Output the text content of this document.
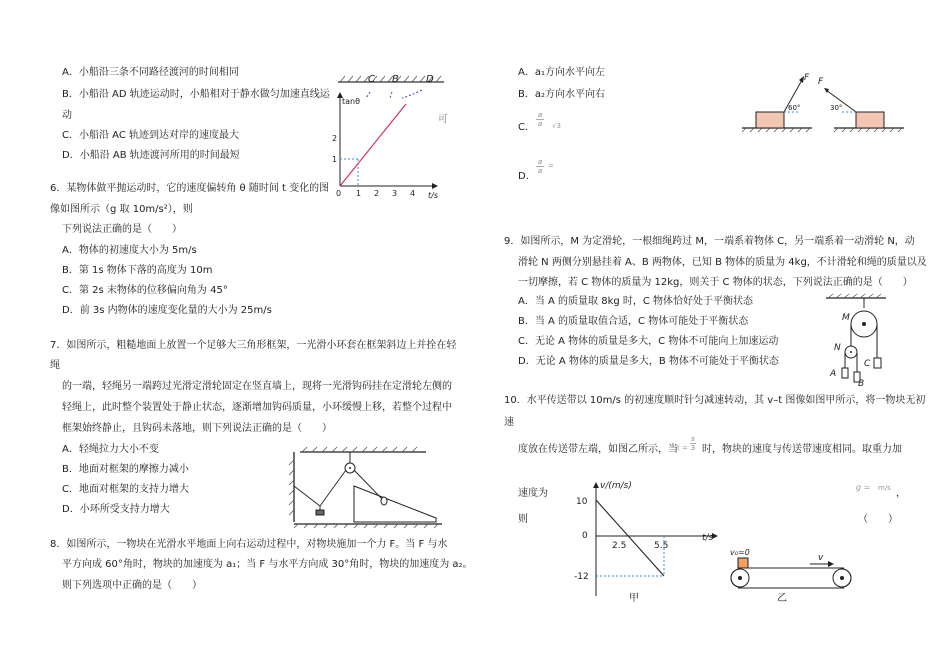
A．小船沿三条不同路径渡河的时间相同
B．小船沿 AD 轨迹运动时，小船相对于静水做匀加速直线运
动
C．小船沿 AC 轨迹到达对岸的速度最大
D．小船沿 AB 轨迹渡河所用的时间最短
C B	D
tanθ
t/s
2
1
0 1 2 3 4
可
6．某物体做平抛运动时，它的速度偏转角 θ 随时间 t 变化的图
像如图所示（g 取 10m/s²），则
下列说法正确的是（　　）
A．物体的初速度大小为 5m/s
B．第 1s 物体下落的高度为 10m
C．第 2s 末物体的位移偏向角为 45°
D．前 3s 内物体的速度变化量的大小为 25m/s
7．如图所示，粗糙地面上放置一个足够大三角形框架，一光滑小环套在框架斜边上并拴在轻
绳
的一端，轻绳另一端跨过光滑定滑轮固定在竖直墙上，现将一光滑钩码挂在定滑轮左侧的
轻绳上，此时整个装置处于静止状态，逐渐增加钩码质量，小环缓慢上移，若整个过程中
框架始终静止，且钩码未落地，则下列说法正确的是（　　）
A．轻绳拉力大小不变
B．地面对框架的摩擦力减小
C．地面对框架的支持力增大
D．小环所受支持力增大
8．如图所示，一物块在光滑水平地面上向右运动过程中，对物块施加一个力 F。当 F 与水
平方向成 60°角时，物块的加速度为 a₁；当 F 与水平方向成 30°角时，物块的加速度为 a₂。
则下列选项中正确的是（　　）
A．a₁方向水平向左
B．a₂方向水平向右
C． $\frac{a}{a} √3$
D．
$\frac{a}{a}$ =
F
60°
F
30°
9．如图所示，M 为定滑轮，一根细绳跨过 M，一端系着物体 C，另一端系着一动滑轮 N，动
滑轮 N 两侧分别悬挂着 A、B 两物体，已知 B 物体的质量为 4kg，不计滑轮和绳的质量以及
一切摩擦，若 C 物体的质量为 12kg，则关于 C 物体的状态，下列说法正确的是（　　）
A．当 A 的质量取 8kg 时，C 物体恰好处于平衡状态
B．当 A 的质量取值合适，C 物体可能处于平衡状态
C．无论 A 物体的质量是多大，C 物体不可能向上加速运动
D．无论 A 物体的质量是多大，B 物体不可能处于平衡状态
M
N
A
B
C
10．水平传送带以 10m/s 的初速度顺时针匀减速转动，其 v–t 图像如图甲所示，将一物块无初
速
度放在传送带左端，如图乙所示，当 $t = \frac{s}{3}$ 时，物块的速度与传送带速度相同。取重力加
速度为
则
g = m/s ，
（　　）
v/(m/s)
t/s
10
0
-12
2.5	5.5
甲
v₀=0
v
乙
